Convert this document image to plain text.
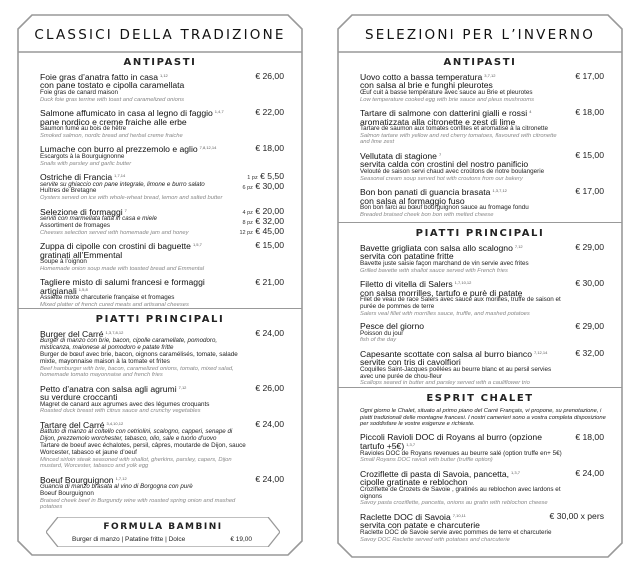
CLASSICI DELLA TRADIZIONE
ANTIPASTI
Foie gras d’anatra fatto in casa $^{1,12}$
con pane tostato e cipolla caramellata
Foie gras de canard maison
Duck foie gras terrine with toast and caramelized onions
€ 26,00
Salmone affumicato in casa al legno di faggio $^{1,4,7}$
pane nordico e creme fraiche alle erbe
Saumon fumé au bois de hêtre
Smoked salmon, nordic bread and herbal creme fraiche
€ 22,00
Lumache con burro al prezzemolo e aglio $^{7,8,12,14}$
Escargots à la Bourguignonne
Snails with parsley and garlic butter
€ 18,00
Ostriche di Francia $^{1,7,14}$
servite su ghiaccio con pane integrale, limone e burro salato
Huîtres de Bretagne
Oysters served on ice with whole-wheat bread, lemon and salted butter
1 pz € 5,50
6 pz € 30,00
Selezione di formaggi $^7$
serviti con marmellata fatta in casa e miele
Assortiment de fromages
Cheeses selection served with homemade jam and honey
4 pz € 20,00
8 pz € 32,00
12 pz € 45,00
Zuppa di cipolle con crostini di baguette $^{1,5,7}$
gratinati all’Emmental
Soupe à l’oignon
Homemade onion soup made with toasted bread and Emmental
€ 15,00
Tagliere misto di salumi francesi e formaggi artigianali $^{1,5,8}$
Assiette mixte charcuterie française et fromages
Mixed platter of french cured meats and artisanal cheeses
€ 21,00
PIATTI PRINCIPALI
Burger del Carré $^{1,3,7,8,12}$
Burger di manzo con brie, bacon, cipolle caramellate, pomodoro, misticanza, maionese al pomodoro e patate fritte
Burger de bœuf avec brie, bacon, oignons caramélisés, tomate, salade mixte, mayonnaise maison à la tomate et frites
Beef hamburger with brie, bacon, caramelized onions, tomato, mixed salad, homemade tomato mayonnaise and french fries
€ 24,00
Petto d’anatra con salsa agli agrumi $^{7,12}$
su verdure croccanti
Magret de canard aux agrumes avec des légumes croquants
Roasted duck breast with citrus sauce and crunchy vegetables
€ 26,00
Tartare del Carré $^{3,4,10,12}$
Battuto di manzo al coltello con cetriolini, scalogno, capperi, senape di Dijon, prezzemolo worchester, tabasco, olio, sale e tuorlo d’uovo
Tartare de boeuf avec échalotes, persil, câpres, moutarde de Dijon, sauce Worcester, tabasco et jaune d’oeuf
Minced sirloin steak seasoned with shallot, gherkins, parsley, capers, Dijon mustard, Worcester, tabasco and yolk egg
€ 24,00
Boeuf Bourguignon $^{1,7,12}$
Guancia di manzo brasata al vino di Borgogna con purè
Boeuf Bourguignon
Braised cheek beef in Burgundy wine with roasted spring onion and mashed potatoes
€ 24,00
FORMULA BAMBINI
Burger di manzo | Patatine fritte | Dolce	€ 19,00
SELEZIONI PER L’INVERNO
ANTIPASTI
Uovo cotto a bassa temperatura $^{3,7,12}$
con salsa al brie e funghi pleurotes
Œuf cuit à basse température avec sauce au Brie et pleurotes
Low temperature cooked egg with brie sauce and pleus mushrooms
€ 17,00
Tartare di salmone con datterini gialli e rossi $^4$
aromatizzata alla citronette e zest di lime
Tartare de saumon aux tomates confites et aromatisé à la citronette
Salmon tartare with yellow and red cherry tomatoes, flavoured with citronette and lime zest
€ 18,00
Vellutata di stagione $^7$
servita calda con crostini del nostro panificio
Velouté de saison servi chaud avec croûtons de notre boulangerie
Seasonal cream soup served hot with croutons from our bakery
€ 15,00
Bon bon panati di guancia brasata $^{1,3,7,12}$
con salsa al formaggio fuso
Bon bon farci au bœuf bourguignon sauce au fromage fondu
Breaded braised cheek bon bon with melted cheese
€ 17,00
PIATTI PRINCIPALI
Bavette grigliata con salsa allo scalogno $^{7,12}$
servita con patatine fritte
Bavette juste saisie façon marchand de vin servie avec frites
Grilled bavette with shallot sauce served with French fries
€ 29,00
Filetto di vitella di Salers $^{1,7,10,12}$
con salsa morrilles, tartufo e purè di patate
Filet de veau de race Salers avec sauce aux morilles, truffe de saison et purée de pommes de terre
Salers veal fillet with morrilles sauce, truffle, and mashed potatoes
€ 30,00
Pesce del giorno
Poisson du jour
fish of the day
€ 29,00
Capesante scottate con salsa al burro bianco $^{7,12,14}$
servite con tris di cavolfiori
Coquilles Saint-Jacques poêlées au beurre blanc et au persil servies avec une purée de chou-fleur
Scallops seared in butter and parsley served with a cauliflower trio
€ 32,00
ESPRIT CHALET
Ogni giorno le Chalet, situato al primo piano del Carré Français, vi propone, su prenotazione, i piatti tradizionali delle montagne francesi. I nostri camerieri sono a vostra completa disposizione per soddisfare le vostre esigenze e richieste.
Piccoli Ravioli DOC di Royans al burro (opzione tartufo +5€) $^{1,3,7}$
Ravioles DOC de Royans revenues au beurre salé (option truffe en+ 5€)
Small Royans DOC ravioli with butter (truffle option)
€ 18,00
Croziflette di pasta di Savoia, pancetta, $^{1,3,7}$
cipolle gratinate e reblochon
Croziflette de Crozets de Savoie , gratinés au reblochon avec lardons et oignons
Savoy pasta croziflette, pancetta, onions au gratin with reblochon cheese
€ 24,00
Raclette DOC di Savoia $^{7,10,11}$
servita con patate e charcuterie
Raclette DOC de Savoie servie avec pommes de terre et charcuterie
Savoy DOC Raclette served with potatoes and charcuterie
€ 30,00 x pers
